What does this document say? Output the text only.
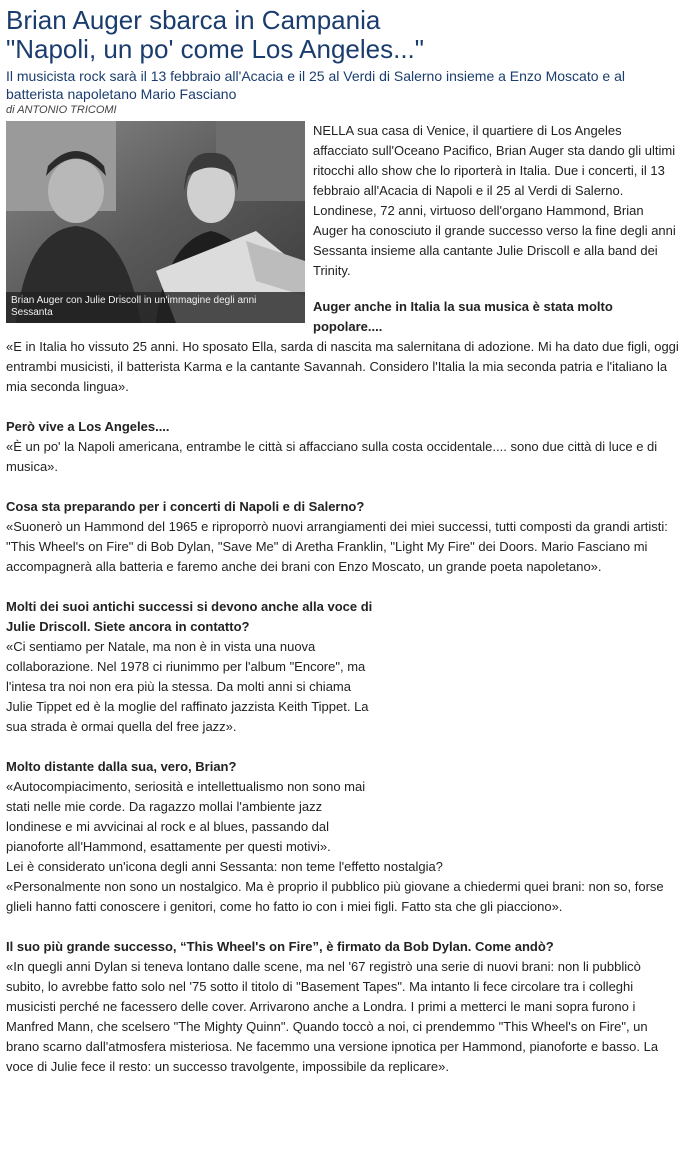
Brian Auger sbarca in Campania
"Napoli, un po' come Los Angeles..."

Il musicista rock sarà il 13 febbraio all'Acacia e il 25 al Verdi di Salerno insieme a Enzo Moscato e al batterista napoletano Mario Fasciano

di ANTONIO TRICOMI

Brian Auger con Julie Driscoll in un'immagine degli anni Sessanta

NELLA sua casa di Venice, il quartiere di Los Angeles affacciato sull'Oceano Pacifico, Brian Auger sta dando gli ultimi ritocchi allo show che lo riporterà in Italia. Due i concerti, il 13 febbraio all'Acacia di Napoli e il 25 al Verdi di Salerno. Londinese, 72 anni, virtuoso dell'organo Hammond, Brian Auger ha conosciuto il grande successo verso la fine degli anni Sessanta insieme alla cantante Julie Driscoll e alla band dei Trinity.

Auger anche in Italia la sua musica è stata molto popolare....

«E in Italia ho vissuto 25 anni. Ho sposato Ella, sarda di nascita ma salernitana di adozione. Mi ha dato due figli, oggi entrambi musicisti, il batterista Karma e la cantante Savannah. Considero l'Italia la mia seconda patria e l'italiano la mia seconda lingua».

Però vive a Los Angeles....

«È un po' la Napoli americana, entrambe le città si affacciano sulla costa occidentale.... sono due città di luce e di musica».

Cosa sta preparando per i concerti di Napoli e di Salerno?

«Suonerò un Hammond del 1965 e riproporrò nuovi arrangiamenti dei miei successi, tutti composti da grandi artisti: "This Wheel's on Fire" di Bob Dylan, "Save Me" di Aretha Franklin, "Light My Fire" dei Doors. Mario Fasciano mi accompagnerà alla batteria e faremo anche dei brani con Enzo Moscato, un grande poeta napoletano».

Molti dei suoi antichi successi si devono anche alla voce di Julie Driscoll. Siete ancora in contatto?

«Ci sentiamo per Natale, ma non è in vista una nuova collaborazione. Nel 1978 ci riunimmo per l'album "Encore", ma l'intesa tra noi non era più la stessa. Da molti anni si chiama Julie Tippet ed è la moglie del raffinato jazzista Keith Tippet. La sua strada è ormai quella del free jazz».

Molto distante dalla sua, vero, Brian?

«Autocompiacimento, seriosità e intellettualismo non sono mai stati nelle mie corde. Da ragazzo mollai l'ambiente jazz londinese e mi avvicinai al rock e al blues, passando dal pianoforte all'Hammond, esattamente per questi motivi».

Lei è considerato un'icona degli anni Sessanta: non teme l'effetto nostalgia?

«Personalmente non sono un nostalgico. Ma è proprio il pubblico più giovane a chiedermi quei brani: non so, forse glieli hanno fatti conoscere i genitori, come ho fatto io con i miei figli. Fatto sta che gli piacciono».

Il suo più grande successo, “This Wheel's on Fire”, è firmato da Bob Dylan. Come andò?

«In quegli anni Dylan si teneva lontano dalle scene, ma nel '67 registrò una serie di nuovi brani: non li pubblicò subito, lo avrebbe fatto solo nel '75 sotto il titolo di "Basement Tapes". Ma intanto li fece circolare tra i colleghi musicisti perché ne facessero delle cover. Arrivarono anche a Londra. I primi a metterci le mani sopra furono i Manfred Mann, che scelsero "The Mighty Quinn". Quando toccò a noi, ci prendemmo "This Wheel's on Fire", un brano scarno dall'atmosfera misteriosa. Ne facemmo una versione ipnotica per Hammond, pianoforte e basso. La voce di Julie fece il resto: un successo travolgente, impossibile da replicare».
